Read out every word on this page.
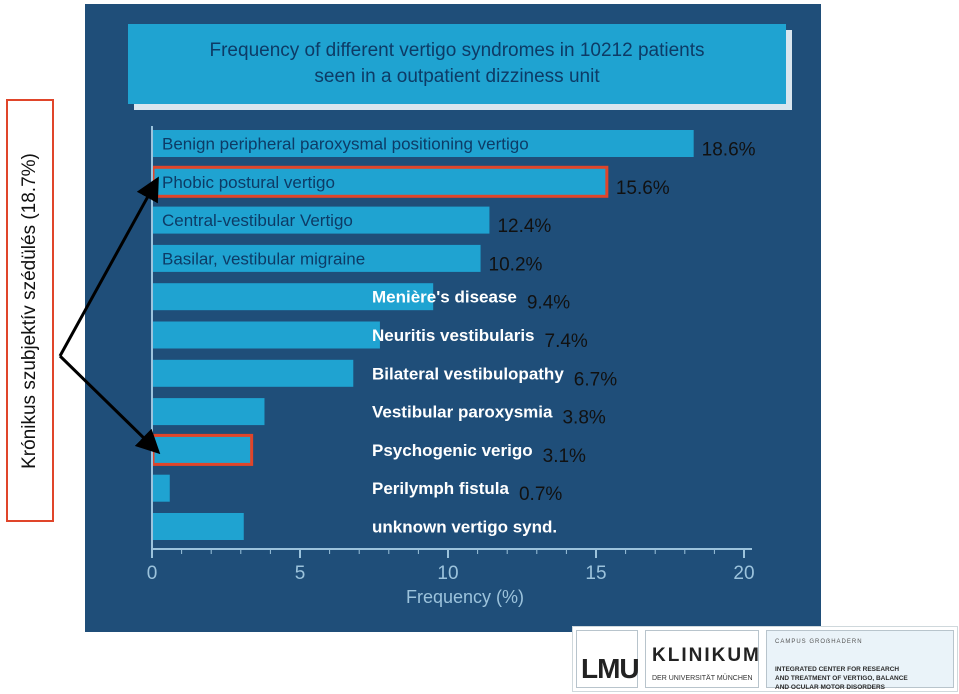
Frequency of different vertigo syndromes in 10212 patients
seen in a outpatient dizziness unit
Krónikus szubjektív szédülés (18.7%)
Benign peripheral paroxysmal positioning vertigo	18.6%
Phobic postural vertigo	15.6%
Central-vestibular Vertigo	12.4%
Basilar, vestibular migraine	10.2%
Menière's disease 9.4%
Neuritis vestibularis 7.4%
Bilateral vestibulopathy 6.7%
Vestibular paroxysmia 3.8%
Psychogenic verigo 3.1%
Perilymph fistula 0.7%
unknown vertigo synd.
0	5	10	15	20
Frequency (%)
LMU KLINIKUM
DER UNIVERSITÄT MÜNCHEN
CAMPUS GROẞHADERN
INTEGRATED CENTER FOR RESEARCH
AND TREATMENT OF VERTIGO, BALANCE
AND OCULAR MOTOR DISORDERS
